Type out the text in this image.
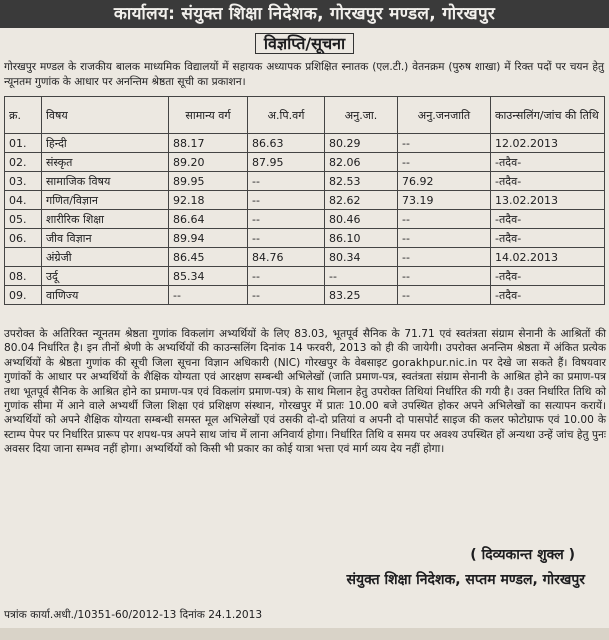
कार्यालय: संयुक्त शिक्षा निदेशक, गोरखपुर मण्डल, गोरखपुर
विज्ञप्ति/सूचना
गोरखपुर मण्डल के राजकीय बालक माध्यमिक विद्यालयों में सहायक अध्यापक प्रशिक्षित स्नातक (एल.टी.) वेतनक्रम (पुरुष शाखा) में रिक्त पदों पर चयन हेतु न्यूनतम गुणांक के आधार पर अनन्तिम श्रेष्ठता सूची का प्रकाशन।
क्र.	विषय	सामान्य वर्ग	अ.पि.वर्ग	अनु.जा.	अनु.जनजाति	काउन्सलिंग/जांच की तिथि
01.	हिन्दी	88.17	86.63	80.29	--	12.02.2013
02.	संस्कृत	89.20	87.95	82.06	--	-तदैव-
03.	सामाजिक विषय	89.95	--	82.53	76.92	-तदैव-
04.	गणित/विज्ञान	92.18	--	82.62	73.19	13.02.2013
05.	शारीरिक शिक्षा	86.64	--	80.46	--	-तदैव-
06.	जीव विज्ञान	89.94	--	86.10	--	-तदैव-
	अंग्रेजी	86.45	84.76	80.34	--	14.02.2013
08.	उर्दू	85.34	--	--	--	-तदैव-
09.	वाणिज्य	--	--	83.25	--	-तदैव-
उपरोक्त के अतिरिक्त न्यूनतम श्रेष्ठता गुणांक विकलांग अभ्यर्थियों के लिए 83.03, भूतपूर्व सैनिक के 71.71 एवं स्वतंत्रता संग्राम सेनानी के आश्रितों की 80.04 निर्धारित है। इन तीनों श्रेणी के अभ्यर्थियों की काउन्सलिंग दिनांक 14 फरवरी, 2013 को ही की जायेगी। उपरोक्त अनन्तिम श्रेष्ठता में अंकित प्रत्येक अभ्यर्थियों के श्रेष्ठता गुणांक की सूची जिला सूचना विज्ञान अधिकारी (NIC) गोरखपुर के वेबसाइट gorakhpur.nic.in पर देखे जा सकते हैं। विषयवार गुणांकों के आधार पर अभ्यर्थियों के शैक्षिक योग्यता एवं आरक्षण सम्बन्धी अभिलेखों (जाति प्रमाण-पत्र, स्वतंत्रता संग्राम सेनानी के आश्रित होने का प्रमाण-पत्र तथा भूतपूर्व सैनिक के आश्रित होने का प्रमाण-पत्र एवं विकलांग प्रमाण-पत्र) के साथ मिलान हेतु उपरोक्त तिथियां निर्धारित की गयी है। उक्त निर्धारित तिथि को गुणांक सीमा में आने वाले अभ्यर्थी जिला शिक्षा एवं प्रशिक्षण संस्थान, गोरखपुर में प्रातः 10.00 बजे उपस्थित होकर अपने अभिलेखों का सत्यापन करायें। अभ्यर्थियों को अपने शैक्षिक योग्यता सम्बन्धी समस्त मूल अभिलेखों एवं उसकी दो-दो प्रतियां व अपनी दो पासपोर्ट साइज की कलर फोटोग्राफ एवं 10.00 के स्टाम्प पेपर पर निर्धारित प्रारूप पर शपथ-पत्र अपने साथ जांच में लाना अनिवार्य होगा। निर्धारित तिथि व समय पर अवश्य उपस्थित हों अन्यथा उन्हें जांच हेतु पुनः अवसर दिया जाना सम्भव नहीं होगा। अभ्यर्थियों को किसी भी प्रकार का कोई यात्रा भत्ता एवं मार्ग व्यय देय नहीं होगा।
( दिव्यकान्त शुक्ल )
संयुक्त शिक्षा निदेशक, सप्तम मण्डल, गोरखपुर
पत्रांक कार्या.अधी./10351-60/2012-13 दिनांक 24.1.2013
